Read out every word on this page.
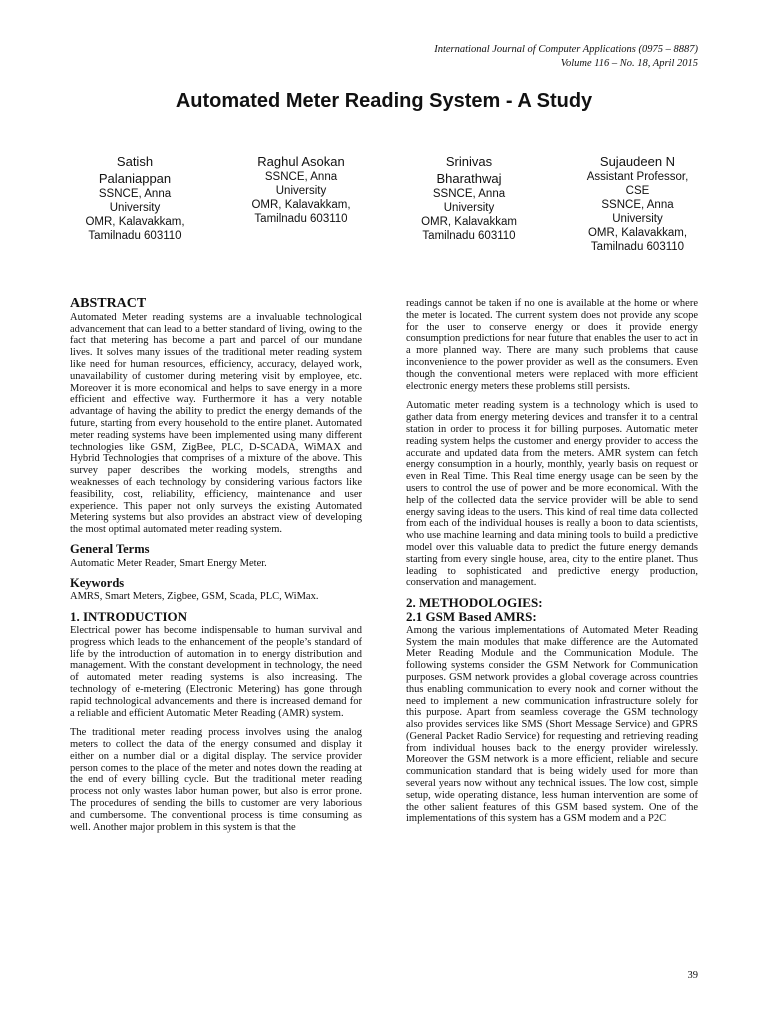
International Journal of Computer Applications (0975 – 8887)
Volume 116 – No. 18, April 2015
Automated Meter Reading System - A Study
Satish
Palaniappan
SSNCE, Anna
University
OMR, Kalavakkam,
Tamilnadu 603110
Raghul Asokan
SSNCE, Anna
University
OMR, Kalavakkam,
Tamilnadu 603110
Srinivas
Bharathwaj
SSNCE, Anna
University
OMR, Kalavakkam
Tamilnadu 603110
Sujaudeen N
Assistant Professor,
CSE
SSNCE, Anna
University
OMR, Kalavakkam,
Tamilnadu 603110
ABSTRACT

Automated Meter reading systems are a invaluable technological advancement that can lead to a better standard of living, owing to the fact that metering has become a part and parcel of our mundane lives. It solves many issues of the traditional meter reading system like need for human resources, efficiency, accuracy, delayed work, unavailability of customer during metering visit by employee, etc. Moreover it is more economical and helps to save energy in a more efficient and effective way. Furthermore it has a very notable advantage of having the ability to predict the energy demands of the future, starting from every household to the entire planet. Automated meter reading systems have been implemented using many different technologies like GSM, ZigBee, PLC, D-SCADA, WiMAX and Hybrid Technologies that comprises of a mixture of the above. This survey paper describes the working models, strengths and weaknesses of each technology by considering various factors like feasibility, cost, reliability, efficiency, maintenance and user experience. This paper not only surveys the existing Automated Metering systems but also provides an abstract view of developing the most optimal automated meter reading system.

General Terms

Automatic Meter Reader, Smart Energy Meter.

Keywords

AMRS, Smart Meters, Zigbee, GSM, Scada, PLC, WiMax.

1. INTRODUCTION

Electrical power has become indispensable to human survival and progress which leads to the enhancement of the people’s standard of life by the introduction of automation in to energy distribution and management. With the constant development in technology, the need of automated meter reading systems is also increasing. The technology of e-metering (Electronic Metering) has gone through rapid technological advancements and there is increased demand for a reliable and efficient Automatic Meter Reading (AMR) system.

The traditional meter reading process involves using the analog meters to collect the data of the energy consumed and display it either on a number dial or a digital display. The service provider person comes to the place of the meter and notes down the reading at the end of every billing cycle. But the traditional meter reading process not only wastes labor human power, but also is error prone. The procedures of sending the bills to customer are very laborious and cumbersome. The conventional process is time consuming as well. Another major problem in this system is that the

readings cannot be taken if no one is available at the home or where the meter is located. The current system does not provide any scope for the user to conserve energy or does it provide energy consumption predictions for near future that enables the user to act in a more planned way. There are many such problems that cause inconvenience to the power provider as well as the consumers. Even though the conventional meters were replaced with more efficient electronic energy meters these problems still persists.

Automatic meter reading system is a technology which is used to gather data from energy metering devices and transfer it to a central station in order to process it for billing purposes. Automatic meter reading system helps the customer and energy provider to access the accurate and updated data from the meters. AMR system can fetch energy consumption in a hourly, monthly, yearly basis on request or even in Real Time. This Real time energy usage can be seen by the users to control the use of power and be more economical. With the help of the collected data the service provider will be able to send energy saving ideas to the users. This kind of real time data collected from each of the individual houses is really a boon to data scientists, who use machine learning and data mining tools to build a predictive model over this valuable data to predict the future energy demands starting from every single house, area, city to the entire planet. Thus leading to sophisticated and predictive energy production, conservation and management.

2. METHODOLOGIES:
2.1 GSM Based AMRS:

Among the various implementations of Automated Meter Reading System the main modules that make difference are the Automated Meter Reading Module and the Communication Module. The following systems consider the GSM Network for Communication purposes. GSM network provides a global coverage across countries thus enabling communication to every nook and corner without the need to implement a new communication infrastructure solely for this purpose. Apart from seamless coverage the GSM technology also provides services like SMS (Short Message Service) and GPRS (General Packet Radio Service) for requesting and retrieving reading from individual houses back to the energy provider wirelessly. Moreover the GSM network is a more efficient, reliable and secure communication standard that is being widely used for more than several years now without any technical issues. The low cost, simple setup, wide operating distance, less human intervention are some of the other salient features of this GSM based system. One of the implementations of this system has a GSM modem and a P2C

39
